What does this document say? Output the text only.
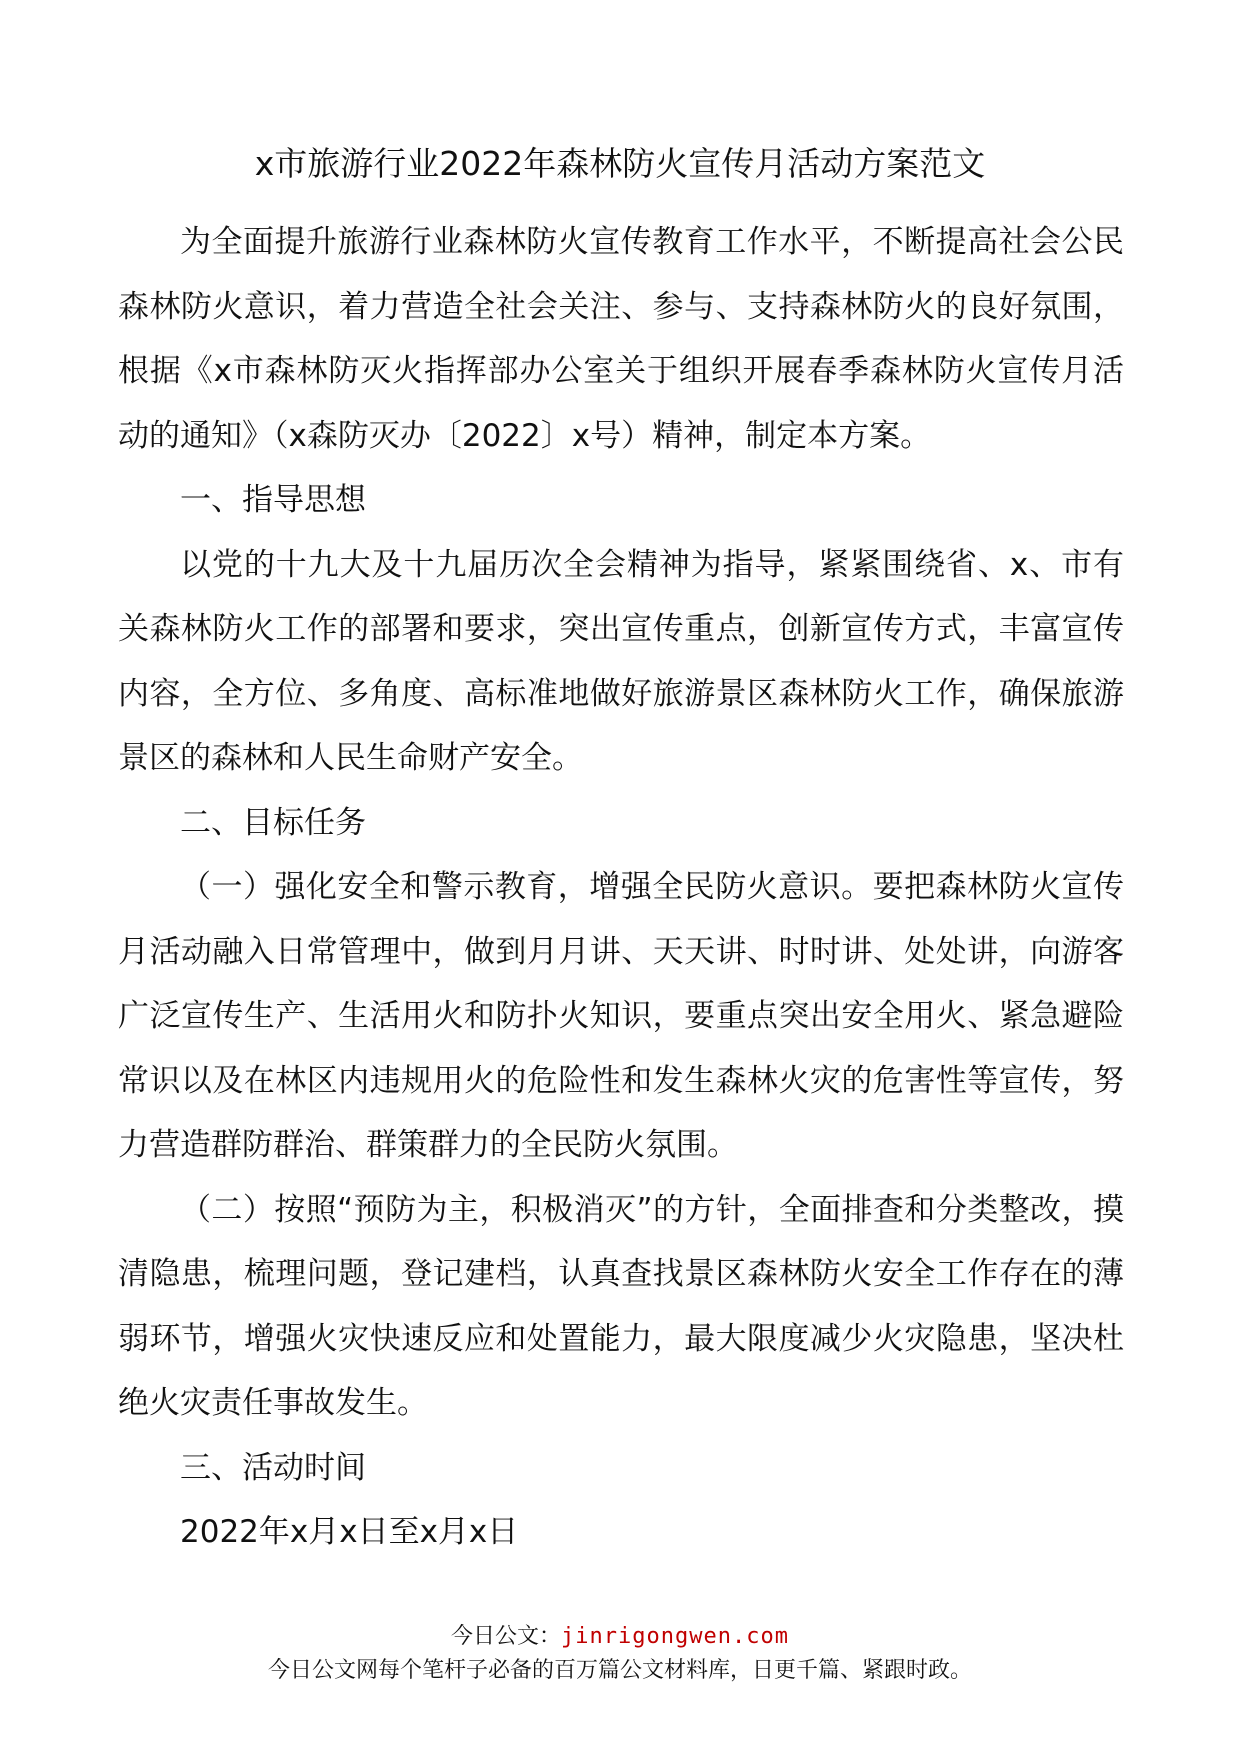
x市旅游行业2022年森林防火宣传月活动方案范文

为全面提升旅游行业森林防火宣传教育工作水平，不断提高社会公民森林防火意识，着力营造全社会关注、参与、支持森林防火的良好氛围，根据《x市森林防灭火指挥部办公室关于组织开展春季森林防火宣传月活动的通知》（x森防灭办〔2022〕x号）精神，制定本方案。

一、指导思想

以党的十九大及十九届历次全会精神为指导，紧紧围绕省、x、市有关森林防火工作的部署和要求，突出宣传重点，创新宣传方式，丰富宣传内容，全方位、多角度、高标准地做好旅游景区森林防火工作，确保旅游景区的森林和人民生命财产安全。

二、目标任务

（一）强化安全和警示教育，增强全民防火意识。要把森林防火宣传月活动融入日常管理中，做到月月讲、天天讲、时时讲、处处讲，向游客广泛宣传生产、生活用火和防扑火知识，要重点突出安全用火、紧急避险常识以及在林区内违规用火的危险性和发生森林火灾的危害性等宣传，努力营造群防群治、群策群力的全民防火氛围。

（二）按照“预防为主，积极消灭”的方针，全面排查和分类整改，摸清隐患，梳理问题，登记建档，认真查找景区森林防火安全工作存在的薄弱环节，增强火灾快速反应和处置能力，最大限度减少火灾隐患，坚决杜绝火灾责任事故发生。

三、活动时间

2022年x月x日至x月x日

今日公文：jinrigongwen.com
今日公文网每个笔杆子必备的百万篇公文材料库，日更千篇、紧跟时政。
